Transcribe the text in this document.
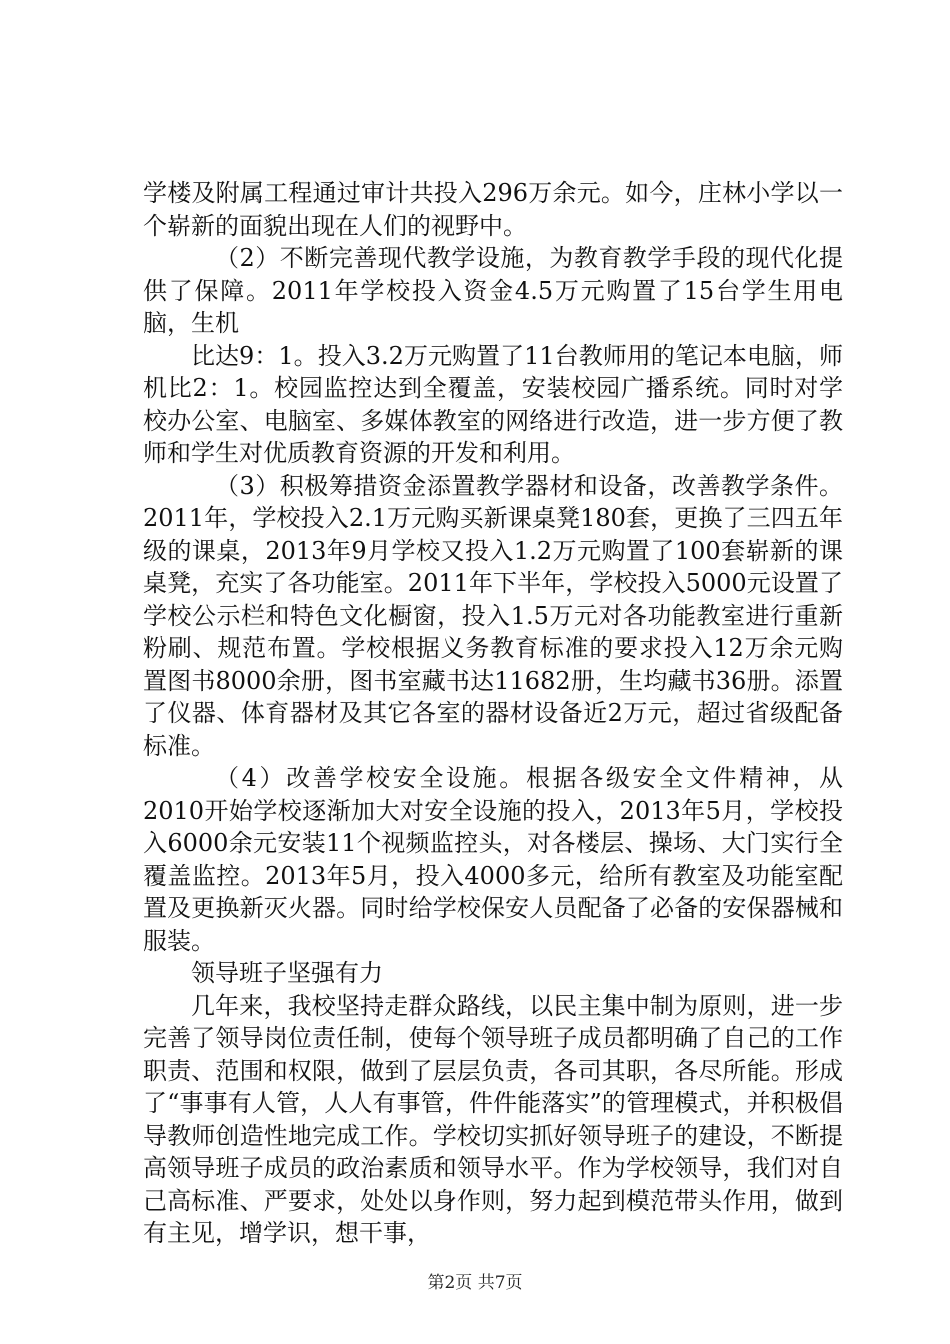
学楼及附属工程通过审计共投入296万余元。如今，庄林小学以一个崭新的面貌出现在人们的视野中。

（2）不断完善现代教学设施，为教育教学手段的现代化提供了保障。2011年学校投入资金4.5万元购置了15台学生用电脑，生机

比达9：1。投入3.2万元购置了11台教师用的笔记本电脑，师机比2：1。校园监控达到全覆盖，安装校园广播系统。同时对学校办公室、电脑室、多媒体教室的网络进行改造，进一步方便了教师和学生对优质教育资源的开发和利用。

（3）积极筹措资金添置教学器材和设备，改善教学条件。2011年，学校投入2.1万元购买新课桌凳180套，更换了三四五年级的课桌，2013年9月学校又投入1.2万元购置了100套崭新的课桌凳，充实了各功能室。2011年下半年，学校投入5000元设置了学校公示栏和特色文化橱窗，投入1.5万元对各功能教室进行重新粉刷、规范布置。学校根据义务教育标准的要求投入12万余元购置图书8000余册，图书室藏书达11682册，生均藏书36册。添置了仪器、体育器材及其它各室的器材设备近2万元，超过省级配备标准。

（4）改善学校安全设施。根据各级安全文件精神，从2010开始学校逐渐加大对安全设施的投入，2013年5月，学校投入6000余元安装11个视频监控头，对各楼层、操场、大门实行全覆盖监控。2013年5月，投入4000多元，给所有教室及功能室配置及更换新灭火器。同时给学校保安人员配备了必备的安保器械和服装。

领导班子坚强有力

几年来，我校坚持走群众路线，以民主集中制为原则，进一步完善了领导岗位责任制，使每个领导班子成员都明确了自己的工作职责、范围和权限，做到了层层负责，各司其职，各尽所能。形成了“事事有人管，人人有事管，件件能落实”的管理模式，并积极倡导教师创造性地完成工作。学校切实抓好领导班子的建设，不断提高领导班子成员的政治素质和领导水平。作为学校领导，我们对自己高标准、严要求，处处以身作则，努力起到模范带头作用，做到有主见，增学识，想干事，

第2页 共7页
